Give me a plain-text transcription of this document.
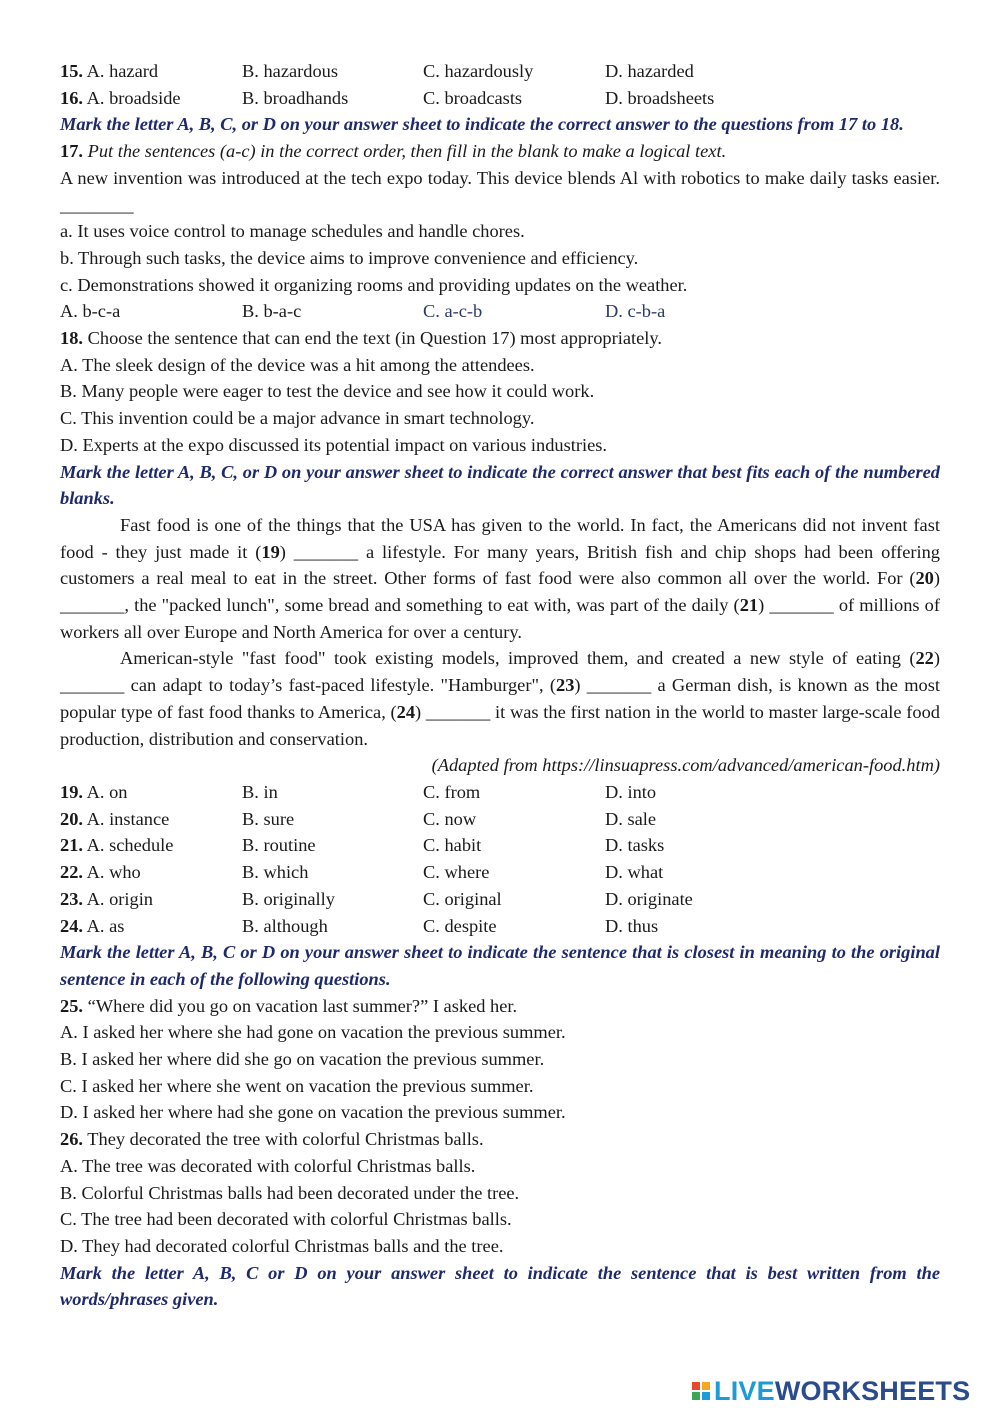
15. A. hazard	B. hazardous	C. hazardously	D. hazarded
16. A. broadside	B. broadhands	C. broadcasts	D. broadsheets
Mark the letter A, B, C, or D on your answer sheet to indicate the correct answer to the questions from 17 to 18.
17. Put the sentences (a-c) in the correct order, then fill in the blank to make a logical text.
A new invention was introduced at the tech expo today. This device blends Al with robotics to make daily tasks easier. ________
a. It uses voice control to manage schedules and handle chores.
b. Through such tasks, the device aims to improve convenience and efficiency.
c. Demonstrations showed it organizing rooms and providing updates on the weather.
A. b-c-a	B. b-a-c	C. a-c-b	D. c-b-a
18. Choose the sentence that can end the text (in Question 17) most appropriately.
A. The sleek design of the device was a hit among the attendees.
B. Many people were eager to test the device and see how it could work.
C. This invention could be a major advance in smart technology.
D. Experts at the expo discussed its potential impact on various industries.
Mark the letter A, B, C, or D on your answer sheet to indicate the correct answer that best fits each of the numbered blanks.
Fast food is one of the things that the USA has given to the world. In fact, the Americans did not invent fast food - they just made it (19) _______ a lifestyle. For many years, British fish and chip shops had been offering customers a real meal to eat in the street. Other forms of fast food were also common all over the world. For (20) _______, the "packed lunch", some bread and something to eat with, was part of the daily (21) _______ of millions of workers all over Europe and North America for over a century.
American-style "fast food" took existing models, improved them, and created a new style of eating (22) _______ can adapt to today’s fast-paced lifestyle. "Hamburger", (23) _______ a German dish, is known as the most popular type of fast food thanks to America, (24) _______ it was the first nation in the world to master large-scale food production, distribution and conservation.
(Adapted from https://linsuapress.com/advanced/american-food.htm)
19. A. on	B. in	C. from	D. into
20. A. instance	B. sure	C. now	D. sale
21. A. schedule	B. routine	C. habit	D. tasks
22. A. who	B. which	C. where	D. what
23. A. origin	B. originally	C. original	D. originate
24. A. as	B. although	C. despite	D. thus
Mark the letter A, B, C or D on your answer sheet to indicate the sentence that is closest in meaning to the original sentence in each of the following questions.
25. “Where did you go on vacation last summer?” I asked her.
A. I asked her where she had gone on vacation the previous summer.
B. I asked her where did she go on vacation the previous summer.
C. I asked her where she went on vacation the previous summer.
D. I asked her where had she gone on vacation the previous summer.
26. They decorated the tree with colorful Christmas balls.
A. The tree was decorated with colorful Christmas balls.
B. Colorful Christmas balls had been decorated under the tree.
C. The tree had been decorated with colorful Christmas balls.
D. They had decorated colorful Christmas balls and the tree.
Mark the letter A, B, C or D on your answer sheet to indicate the sentence that is best written from the words/phrases given.
LIVE WORKSHEETS
